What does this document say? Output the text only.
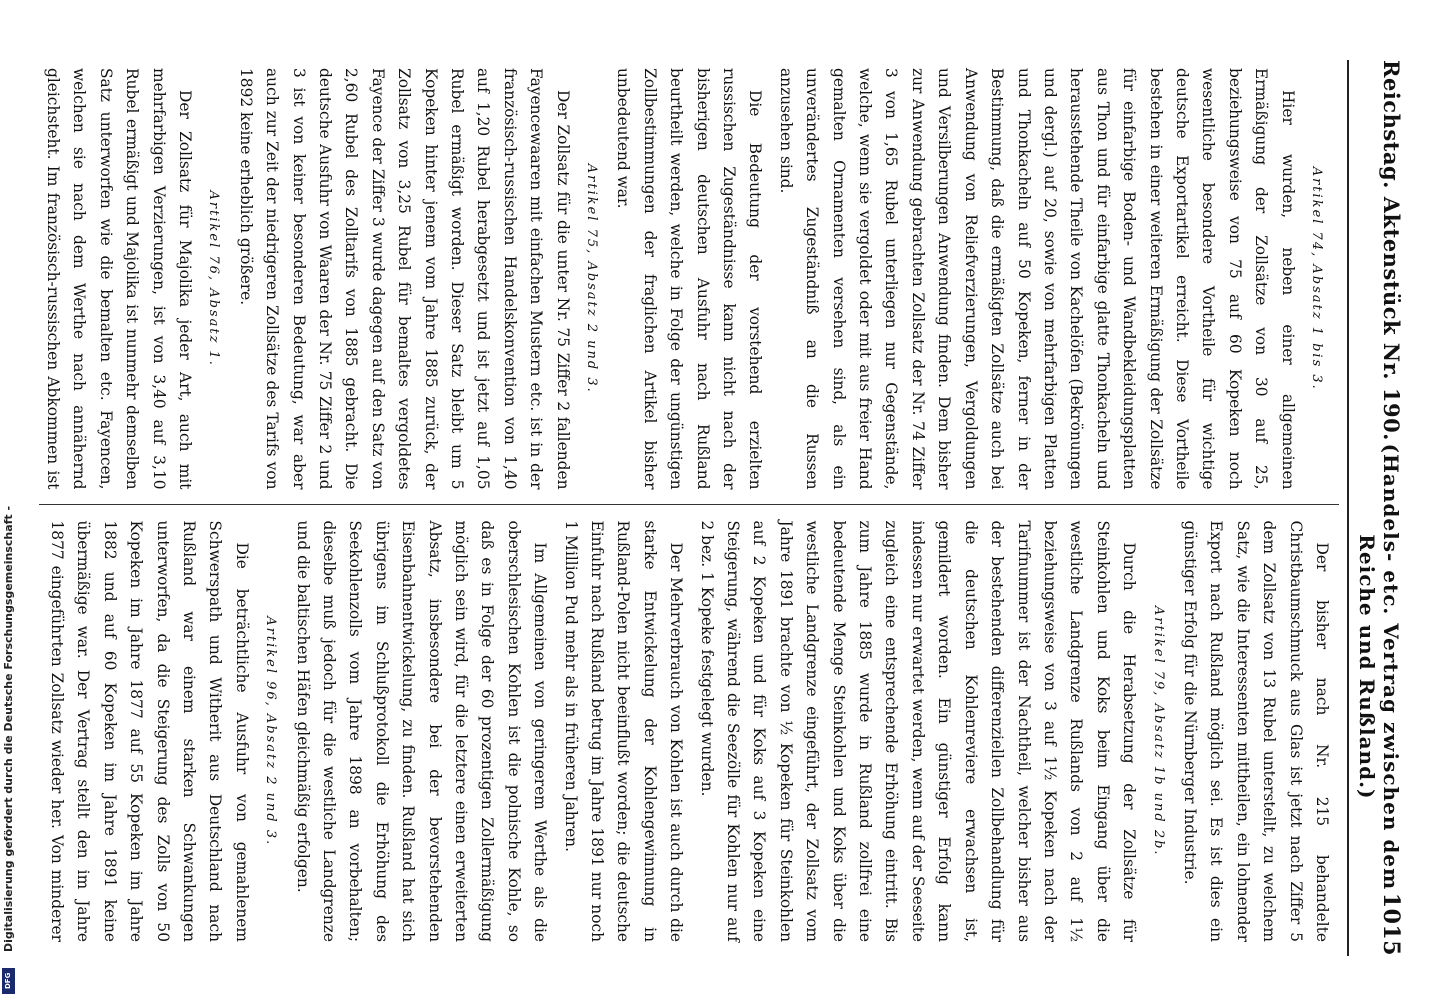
Reichstag. Aktenstück Nr. 190.
(Handels- etc. Vertrag zwischen dem Reiche und Rußland.)
1015
Artikel 74, Absatz 1 bis 3.

Hier wurden, neben einer allgemeinen Ermäßigung der Zollsätze von 30 auf 25, beziehungsweise von 75 auf 60 Kopeken noch wesentliche besondere Vortheile für wichtige deutsche Exportartikel erreicht. Diese Vortheile bestehen in einer weiteren Ermäßigung der Zollsätze für einfarbige Boden- und Wandbekleidungsplatten aus Thon und für einfarbige glatte Thonkacheln und herausstehende Theile von Kachelöfen (Bekrönungen und dergl.) auf 20, sowie von mehrfarbigen Platten und Thonkacheln auf 50 Kopeken, ferner in der Bestimmung, daß die ermäßigten Zollsätze auch bei Anwendung von Reliefverzierungen, Vergoldungen und Versilberungen Anwendung finden. Dem bisher zur Anwendung gebrachten Zollsatz der Nr. 74 Ziffer 3 von 1,65 Rubel unterliegen nur Gegenstände, welche, wenn sie vergoldet oder mit aus freier Hand gemalten Ornamenten versehen sind, als ein unverändertes Zugeständniß an die Russen anzusehen sind.

Die Bedeutung der vorstehend erzielten russischen Zugeständnisse kann nicht nach der bisherigen deutschen Ausfuhr nach Rußland beurtheilt werden, welche in Folge der ungünstigen Zollbestimmungen der fraglichen Artikel bisher unbedeutend war.

Artikel 75, Absatz 2 und 3.

Der Zollsatz für die unter Nr. 75 Ziffer 2 fallenden Fayencewaaren mit einfachen Mustern etc. ist in der französisch-russischen Handelskonvention von 1,40 auf 1,20 Rubel herabgesetzt und ist jetzt auf 1,05 Rubel ermäßigt worden. Dieser Satz bleibt um 5 Kopeken hinter jenem vom Jahre 1885 zurück, der Zollsatz von 3,25 Rubel für bemaltes vergoldetes Fayence der Ziffer 3 wurde dagegen auf den Satz von 2,60 Rubel des Zolltarifs von 1885 gebracht. Die deutsche Ausfuhr von Waaren der Nr. 75 Ziffer 2 und 3 ist von keiner besonderen Bedeutung, war aber auch zur Zeit der niedrigeren Zollsätze des Tarifs von 1892 keine erheblich größere.

Artikel 76, Absatz 1.

Der Zollsatz für Majolika jeder Art, auch mit mehrfarbigen Verzierungen, ist von 3,40 auf 3,10 Rubel ermäßigt und Majolika ist nunmehr demselben Satz unterworfen wie die bemalten etc. Fayencen, welchen sie nach dem Werthe nach annähernd gleichsteht. Im französisch-russischen Abkommen ist

Der bisher nach Nr. 215 behandelte Christbaumschmuck aus Glas ist jetzt nach Ziffer 5 dem Zollsatz von 13 Rubel unterstellt, zu welchem Satz, wie die Interessenten mittheilen, ein lohnender Export nach Rußland möglich sei. Es ist dies ein günstiger Erfolg für die Nürnberger Industrie.

Artikel 79, Absatz 1b und 2b.

Durch die Herabsetzung der Zollsätze für Steinkohlen und Koks beim Eingang über die westliche Landgrenze Rußlands von 2 auf 1½ beziehungsweise von 3 auf 1½ Kopeken nach der Tarifnummer ist der Nachtheil, welcher bisher aus der bestehenden differenziellen Zollbehandlung für die deutschen Kohlenreviere erwachsen ist, gemildert worden. Ein günstiger Erfolg kann indessen nur erwartet werden, wenn auf der Seeseite zugleich eine entsprechende Erhöhung eintritt. Bis zum Jahre 1885 wurde in Rußland zollfrei eine bedeutende Menge Steinkohlen und Koks über die westliche Landgrenze eingeführt, der Zollsatz vom Jahre 1891 brachte von ½ Kopeken für Steinkohlen auf 2 Kopeken und für Koks auf 3 Kopeken eine Steigerung, während die Seezölle für Kohlen nur auf 2 bez. 1 Kopeke festgelegt wurden.

Der Mehrverbrauch von Kohlen ist auch durch die starke Entwickelung der Kohlengewinnung in Rußland-Polen nicht beeinflußt worden; die deutsche Einfuhr nach Rußland betrug im Jahre 1891 nur noch 1 Million Pud mehr als in früheren Jahren.

Im Allgemeinen von geringerem Werthe als die oberschlesischen Kohlen ist die polnische Kohle, so daß es in Folge der 60 prozentigen Zollermäßigung möglich sein wird, für die letztere einen erweiterten Absatz, insbesondere bei der bevorstehenden Eisenbahnentwickelung, zu finden. Rußland hat sich übrigens im Schlußprotokoll die Erhöhung des Seekohlenzolls vom Jahre 1898 an vorbehalten; dieselbe muß jedoch für die westliche Landgrenze und die baltischen Häfen gleichmäßig erfolgen.

Artikel 96, Absatz 2 und 3.

Die beträchtliche Ausfuhr von gemahlenem Schwerspath und Witherit aus Deutschland nach Rußland war einem starken Schwankungen unterworfen, da die Steigerung des Zolls von 50 Kopeken im Jahre 1877 auf 55 Kopeken im Jahre 1882 und auf 60 Kopeken im Jahre 1891 keine übermäßige war. Der Vertrag stellt den im Jahre 1877 eingeführten Zollsatz wieder her. Von minderer

Digitalisierung gefördert durch die Deutsche Forschungsgemeinschaft -
DFG
